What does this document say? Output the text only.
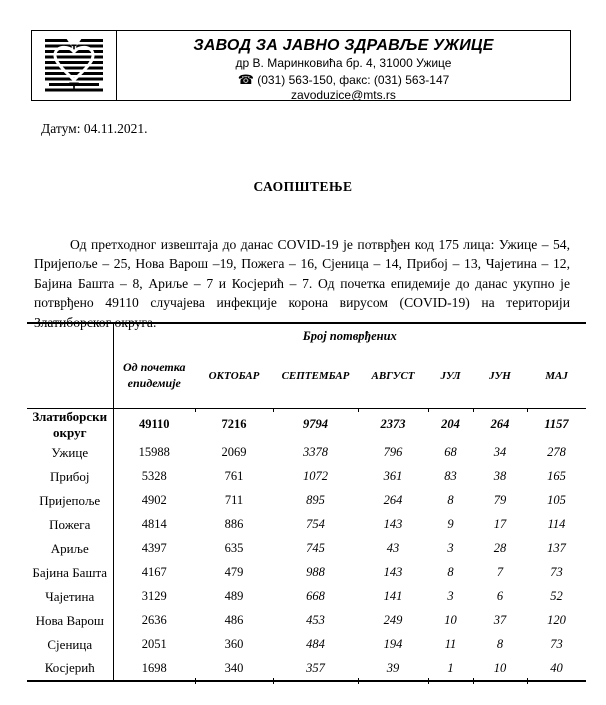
ЗАВОД ЗА ЈАВНО ЗДРАВЉЕ УЖИЦЕ
др В. Маринковића бр. 4, 31000 Ужице
☎ (031) 563-150, факс: (031) 563-147
zavoduzice@mts.rs
Датум: 04.11.2021.
САОПШТЕЊЕ

Од претходног извештаја до данас COVID-19 је потврђен код 175 лица: Ужице – 54, Пријепоље – 25, Нова Варош –19, Пожега – 16, Сјеница – 14, Прибој – 13, Чајетина – 12, Бајина Башта – 8, Ариље – 7 и Косјерић – 7. Од почетка епидемије до данас укупно је потврђено 49110 случајева инфекције корона вирусом (COVID-19) на територији Златиборског округа.

	Број потврђених						
	Од почетка епидемије	ОКТОБАР	СЕПТЕМБАР	АВГУСТ	ЈУЛ	ЈУН	МАЈ
Златиборски округ	49110	7216	9794	2373	204	264	1157
Ужице	15988	2069	3378	796	68	34	278
Прибој	5328	761	1072	361	83	38	165
Пријепоље	4902	711	895	264	8	79	105
Пожега	4814	886	754	143	9	17	114
Ариље	4397	635	745	43	3	28	137
Бајина Башта	4167	479	988	143	8	7	73
Чајетина	3129	489	668	141	3	6	52
Нова Варош	2636	486	453	249	10	37	120
Сјеница	2051	360	484	194	11	8	73
Косјерић	1698	340	357	39	1	10	40
